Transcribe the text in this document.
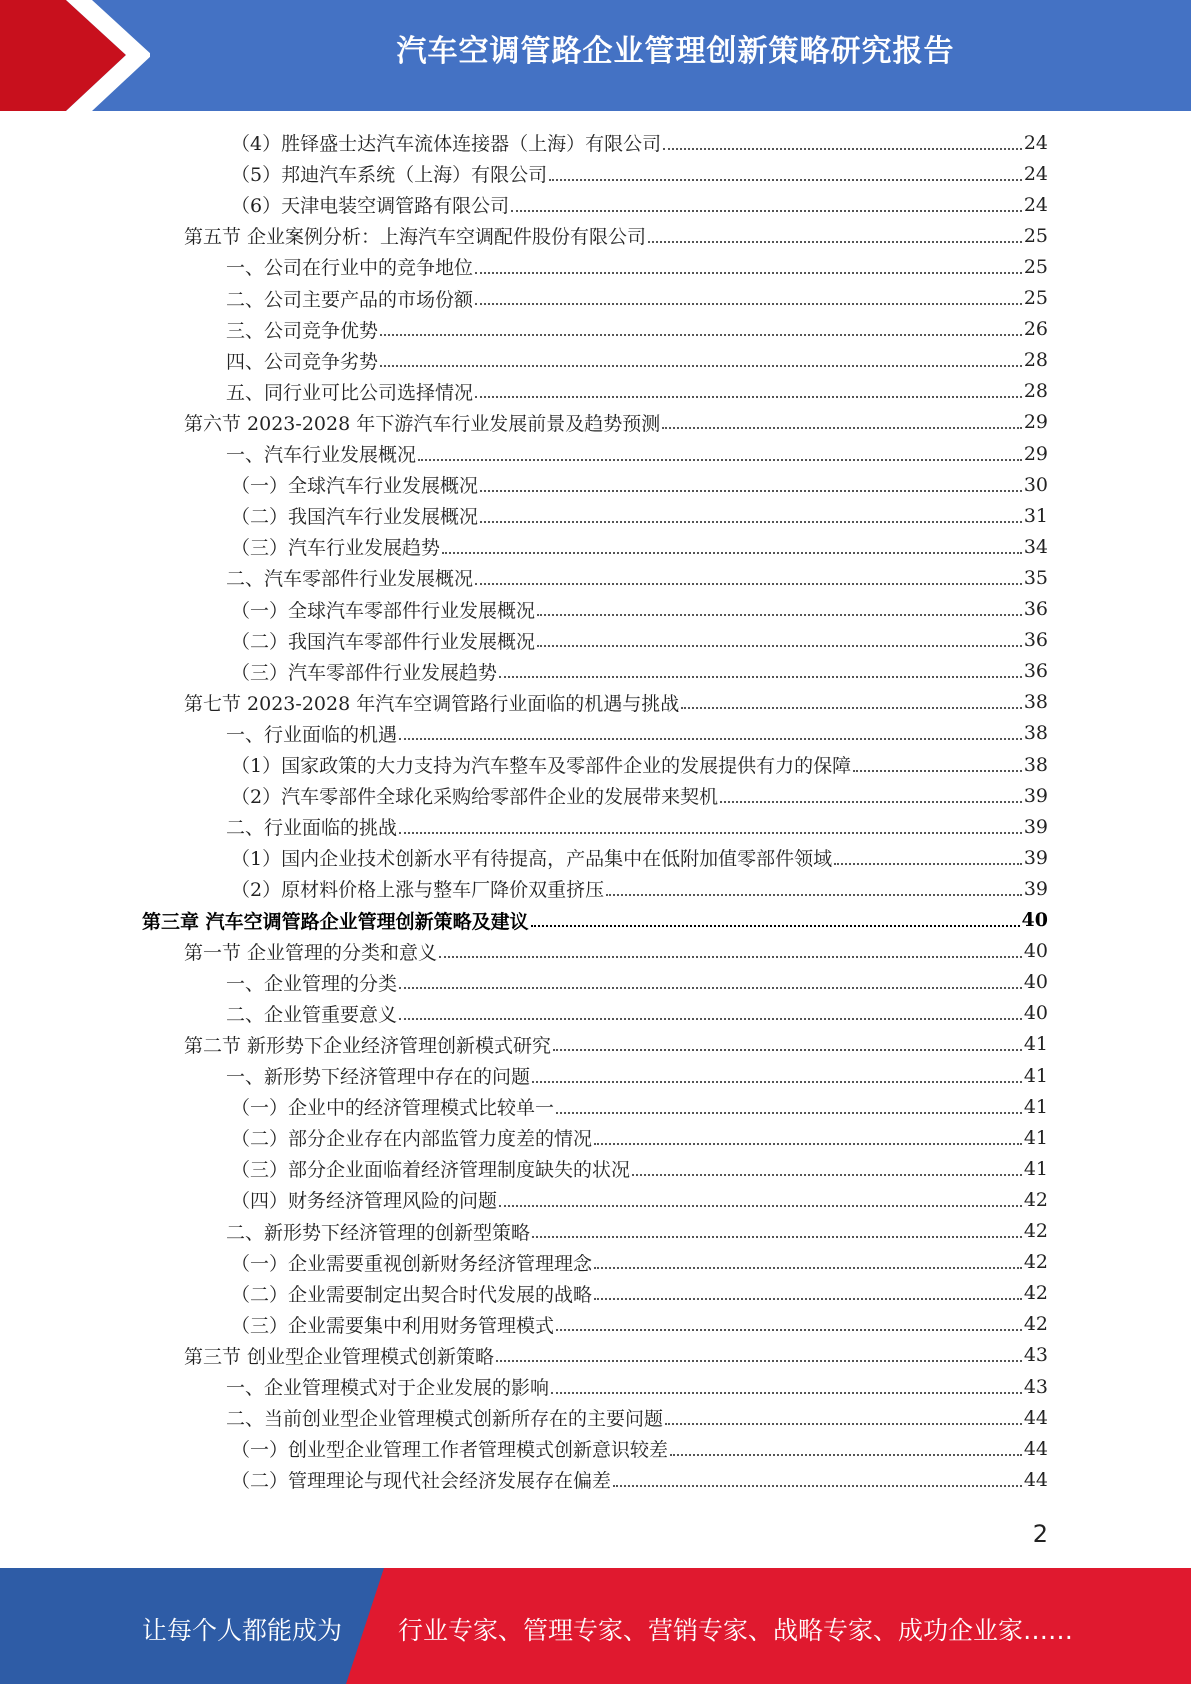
汽车空调管路企业管理创新策略研究报告
（4）胜铎盛士达汽车流体连接器（上海）有限公司	24
（5）邦迪汽车系统（上海）有限公司	24
（6）天津电装空调管路有限公司	24
第五节 企业案例分析：上海汽车空调配件股份有限公司	25
一、公司在行业中的竞争地位	25
二、公司主要产品的市场份额	25
三、公司竞争优势	26
四、公司竞争劣势	28
五、同行业可比公司选择情况	28
第六节 2023-2028 年下游汽车行业发展前景及趋势预测	29
一、汽车行业发展概况	29
（一）全球汽车行业发展概况	30
（二）我国汽车行业发展概况	31
（三）汽车行业发展趋势	34
二、汽车零部件行业发展概况	35
（一）全球汽车零部件行业发展概况	36
（二）我国汽车零部件行业发展概况	36
（三）汽车零部件行业发展趋势	36
第七节 2023-2028 年汽车空调管路行业面临的机遇与挑战	38
一、行业面临的机遇	38
（1）国家政策的大力支持为汽车整车及零部件企业的发展提供有力的保障	38
（2）汽车零部件全球化采购给零部件企业的发展带来契机	39
二、行业面临的挑战	39
（1）国内企业技术创新水平有待提高，产品集中在低附加值零部件领域	39
（2）原材料价格上涨与整车厂降价双重挤压	39
第三章 汽车空调管路企业管理创新策略及建议	40
第一节 企业管理的分类和意义	40
一、企业管理的分类	40
二、企业管重要意义	40
第二节 新形势下企业经济管理创新模式研究	41
一、新形势下经济管理中存在的问题	41
（一）企业中的经济管理模式比较单一	41
（二）部分企业存在内部监管力度差的情况	41
（三）部分企业面临着经济管理制度缺失的状况	41
（四）财务经济管理风险的问题	42
二、新形势下经济管理的创新型策略	42
（一）企业需要重视创新财务经济管理理念	42
（二）企业需要制定出契合时代发展的战略	42
（三）企业需要集中利用财务管理模式	42
第三节 创业型企业管理模式创新策略	43
一、企业管理模式对于企业发展的影响	43
二、当前创业型企业管理模式创新所存在的主要问题	44
（一）创业型企业管理工作者管理模式创新意识较差	44
（二）管理理论与现代社会经济发展存在偏差	44
2
让每个人都能成为 行业专家、管理专家、营销专家、战略专家、成功企业家……
